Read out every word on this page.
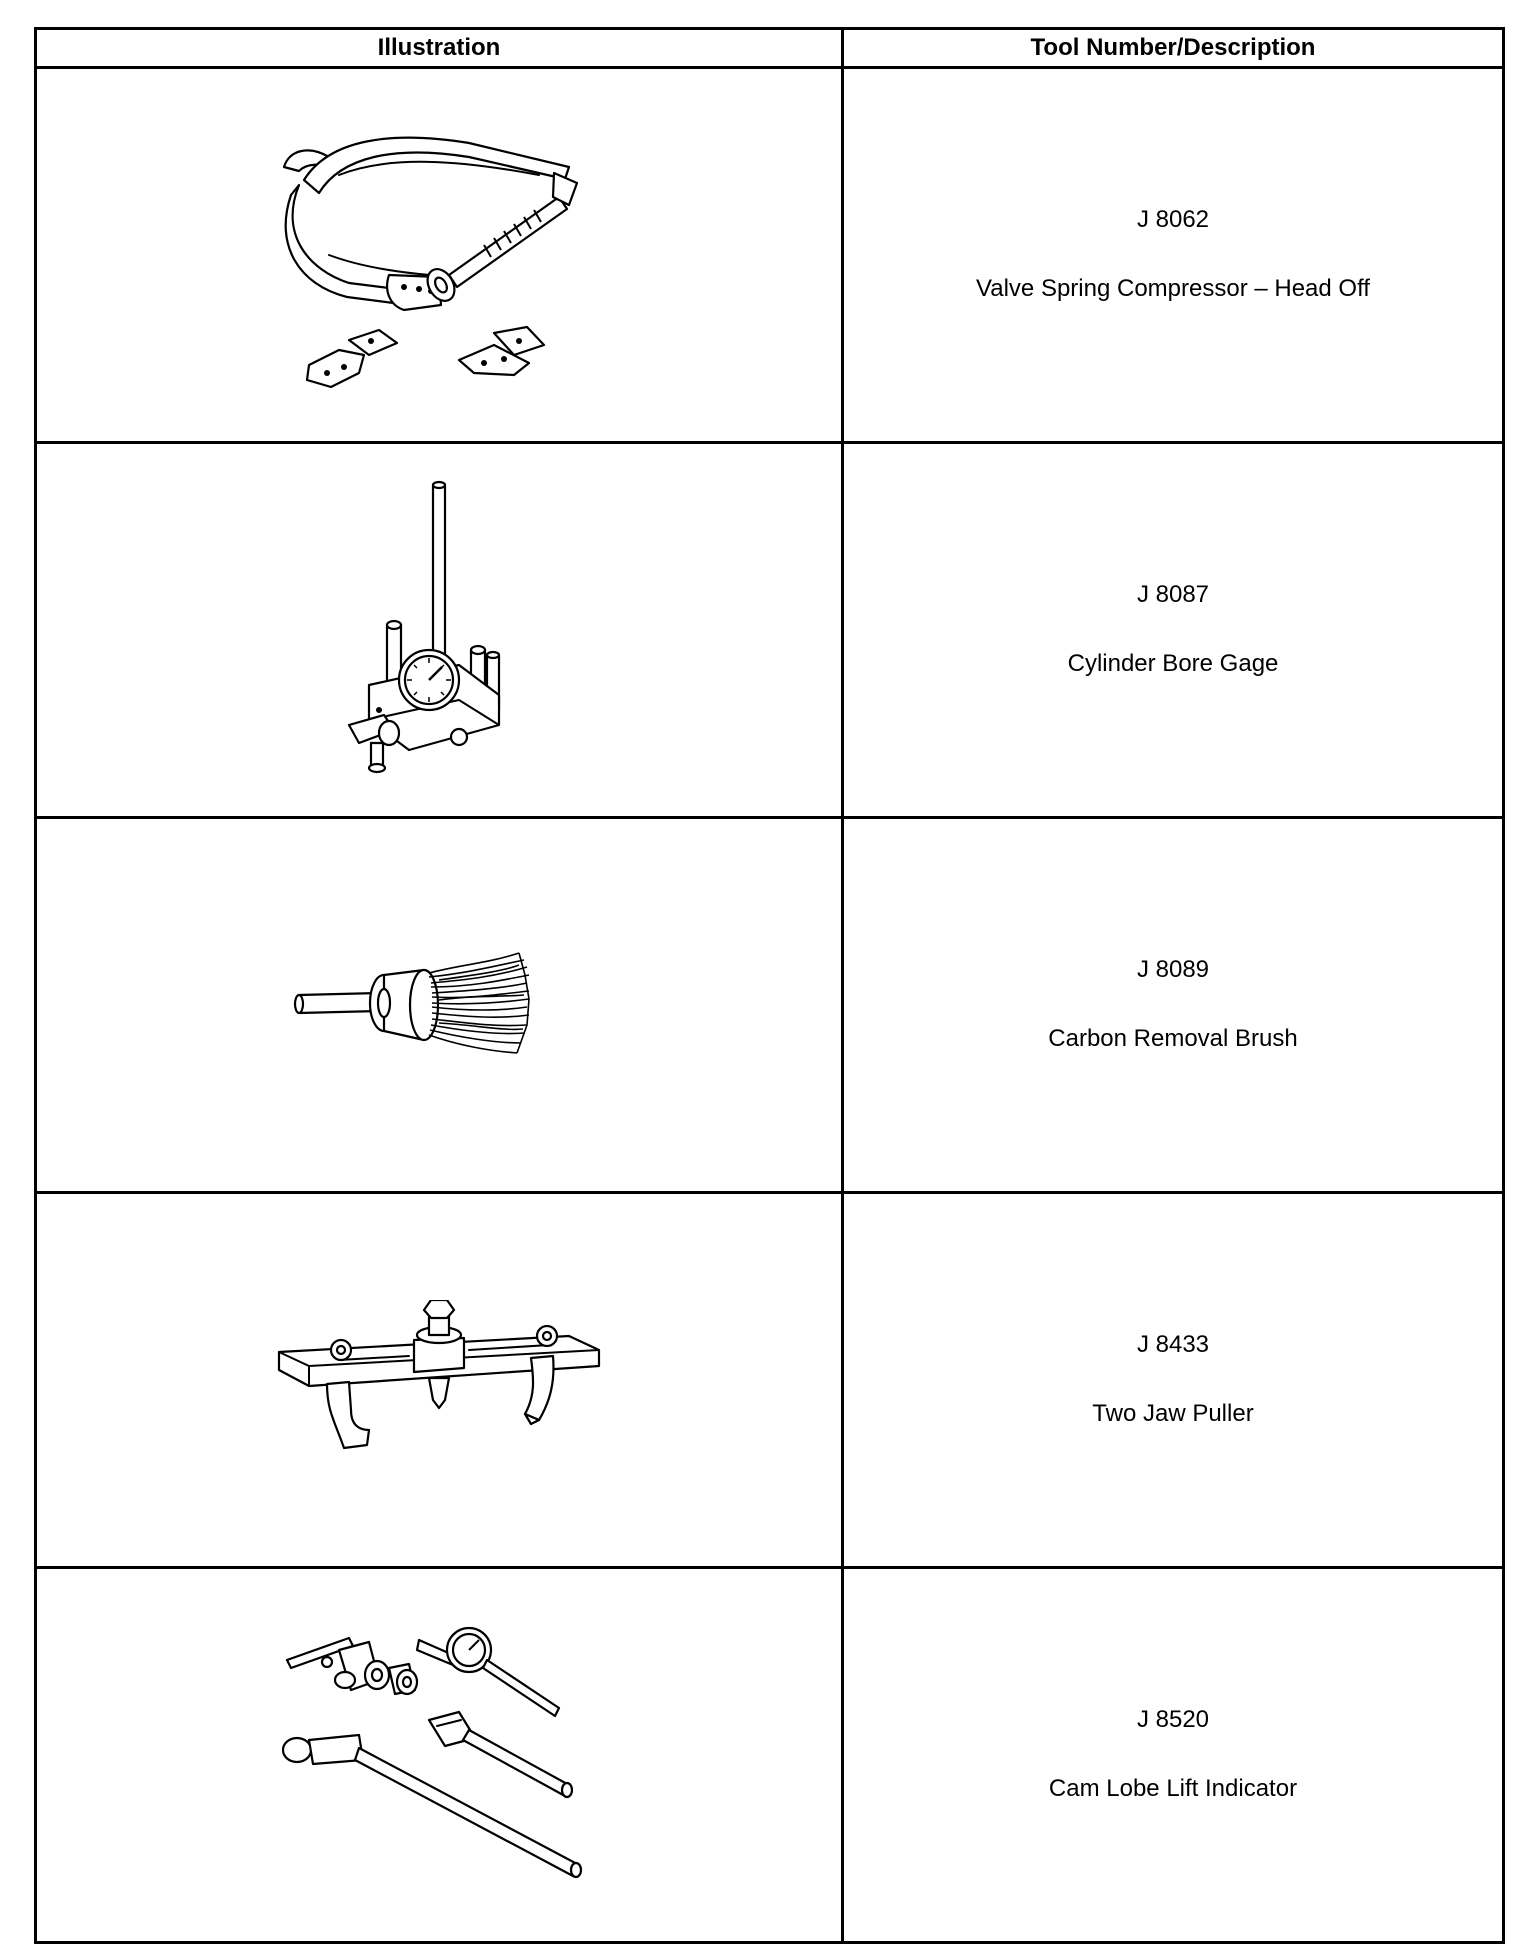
Illustration	Tool Number/Description

J 8062
Valve Spring Compressor – Head Off

J 8087
Cylinder Bore Gage

J 8089
Carbon Removal Brush

J 8433
Two Jaw Puller

J 8520
Cam Lobe Lift Indicator
